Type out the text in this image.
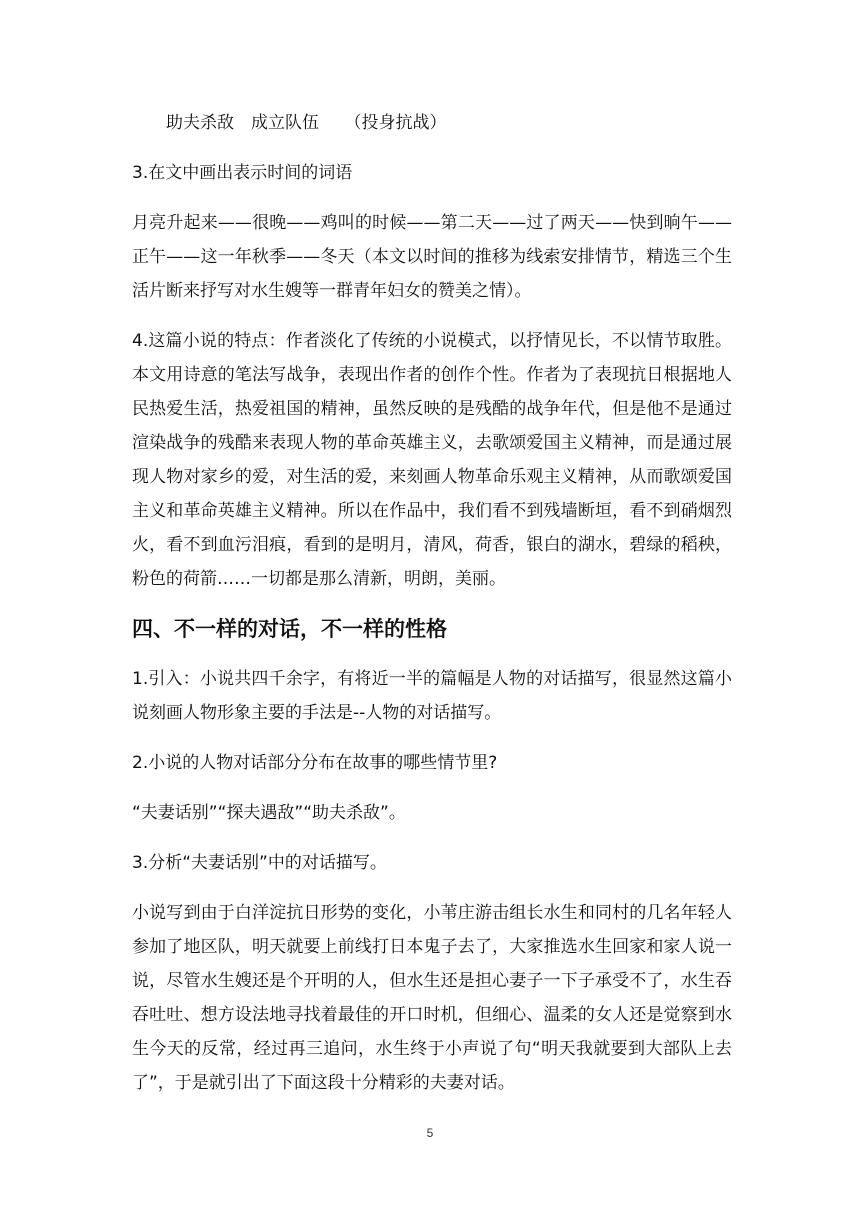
助夫杀敌　成立队伍　　（投身抗战）

3.在文中画出表示时间的词语

月亮升起来——很晚——鸡叫的时候——第二天——过了两天——快到晌午——正午——这一年秋季——冬天（本文以时间的推移为线索安排情节，精选三个生活片断来抒写对水生嫂等一群青年妇女的赞美之情）。

4.这篇小说的特点：作者淡化了传统的小说模式，以抒情见长，不以情节取胜。本文用诗意的笔法写战争，表现出作者的创作个性。作者为了表现抗日根据地人民热爱生活，热爱祖国的精神，虽然反映的是残酷的战争年代，但是他不是通过渲染战争的残酷来表现人物的革命英雄主义，去歌颂爱国主义精神，而是通过展现人物对家乡的爱，对生活的爱，来刻画人物革命乐观主义精神，从而歌颂爱国主义和革命英雄主义精神。所以在作品中，我们看不到残墙断垣，看不到硝烟烈火，看不到血污泪痕，看到的是明月，清风，荷香，银白的湖水，碧绿的稻秧，粉色的荷箭……一切都是那么清新，明朗，美丽。

四、不一样的对话，不一样的性格

1.引入：小说共四千余字，有将近一半的篇幅是人物的对话描写，很显然这篇小说刻画人物形象主要的手法是--人物的对话描写。

2.小说的人物对话部分分布在故事的哪些情节里?

“夫妻话别”“探夫遇敌”“助夫杀敌”。

3.分析“夫妻话别”中的对话描写。

小说写到由于白洋淀抗日形势的变化，小苇庄游击组长水生和同村的几名年轻人参加了地区队，明天就要上前线打日本鬼子去了，大家推选水生回家和家人说一说，尽管水生嫂还是个开明的人，但水生还是担心妻子一下子承受不了，水生吞吞吐吐、想方设法地寻找着最佳的开口时机，但细心、温柔的女人还是觉察到水生今天的反常，经过再三追问，水生终于小声说了句“明天我就要到大部队上去了”，于是就引出了下面这段十分精彩的夫妻对话。

5
